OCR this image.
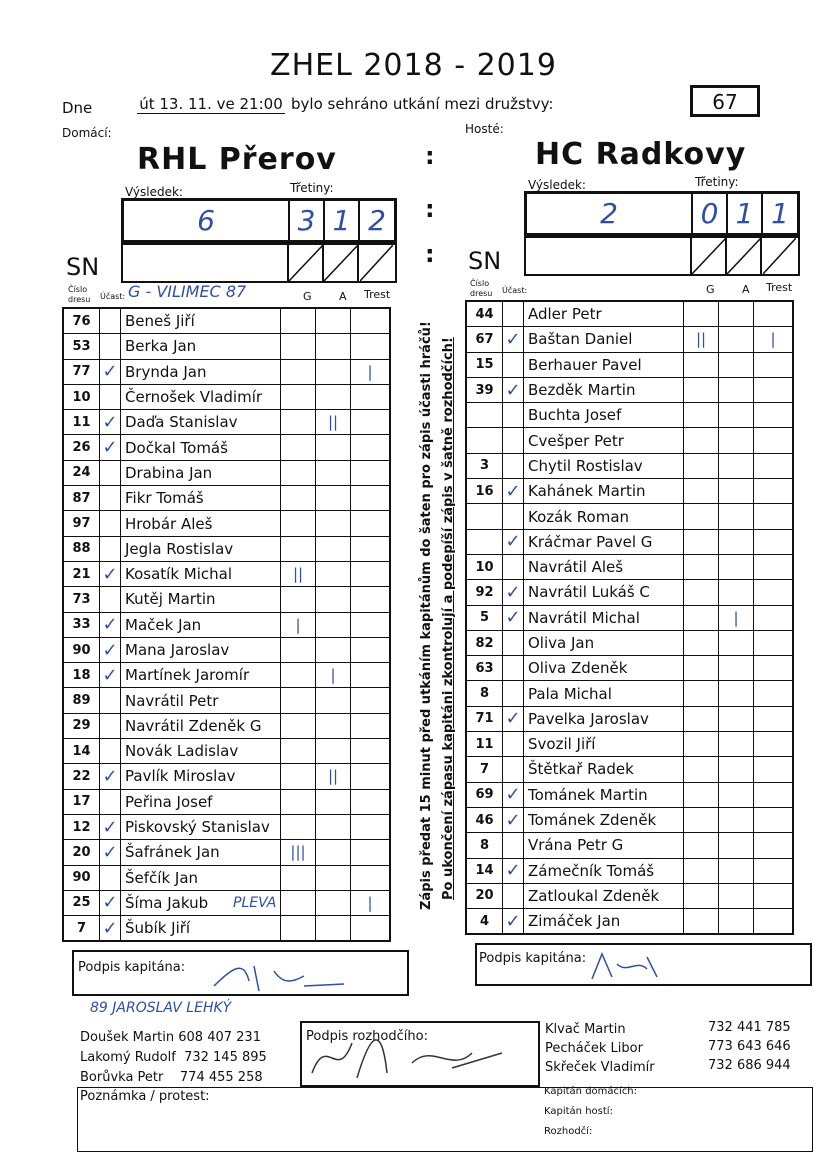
ZHEL 2018 - 2019
Dne	út 13. 11. ve 21:00 bylo sehráno utkání mezi družstvy:	67
Domácí:	Hosté:
RHL Přerov	HC Radkovy
:
:
:
Výsledek:	Třetiny:
6	3 1 2
Výsledek:	Třetiny:
2	0 1 1
SN	SN
Číslo dresu	Účast: G - VILIMEC 87	G A Trest
Číslo dresu	Účast:	G A Trest
76		Beneš Jiří			
53		Berka Jan			
77	✓	Brynda Jan			|
10		Černošek Vladimír			
11	✓	Daďa Stanislav		||	
26	✓	Dočkal Tomáš			
24		Drabina Jan			
87		Fikr Tomáš			
97		Hrobár Aleš			
88		Jegla Rostislav			
21	✓	Kosatík Michal	||		
73		Kutěj Martin			
33	✓	Maček Jan	|		
90	✓	Mana Jaroslav			
18	✓	Martínek Jaromír		|	
89		Navrátil Petr			
29		Navrátil Zdeněk G			
14		Novák Ladislav			
22	✓	Pavlík Miroslav		||	
17		Peřina Josef			
12	✓	Piskovský Stanislav			
20	✓	Šafránek Jan	|||		
90		Šefčík Jan			
25	✓	Šíma Jakub			|
7	✓	Šubík Jiří			
44		Adler Petr			
67	✓	Baštan Daniel	||		|
15		Berhauer Pavel			
39	✓	Bezděk Martin			
		Buchta Josef			
		Cvešper Petr			
3		Chytil Rostislav			
16	✓	Kahánek Martin			
		Kozák Roman			
	✓	Kráčmar Pavel G			
10		Navrátil Aleš			
92	✓	Navrátil Lukáš C			
5	✓	Navrátil Michal		|	
82		Oliva Jan			
63		Oliva Zdeněk			
8		Pala Michal			
71	✓	Pavelka Jaroslav			
11		Svozil Jiří			
7		Štětkař Radek			
69	✓	Tománek Martin			
46	✓	Tománek Zdeněk			
8		Vrána Petr G			
14	✓	Zámečník Tomáš			
20		Zatloukal Zdeněk			
4	✓	Zimáček Jan			
Zápis předat 15 minut před utkáním kapitánům do šaten pro zápis účasti hráčů! Po ukončení zápasu kapitáni zkontrolují a podepíší zápis v šatně rozhodčích!
Podpis kapitána:
Podpis kapitána:
89 JAROSLAV LEHKÝ
PLEVA
Doušek Martin 608 407 231
Lakomý Rudolf 732 145 895
Borůvka Petr 774 455 258
Podpis rozhodčího:	Klvač Martin
Pecháček Libor
Skřeček Vladimír
732 441 785
773 643 646
732 686 944
Poznámka / protest:	Kapitán domácích:
Kapitán hostí:
Rozhodčí:
